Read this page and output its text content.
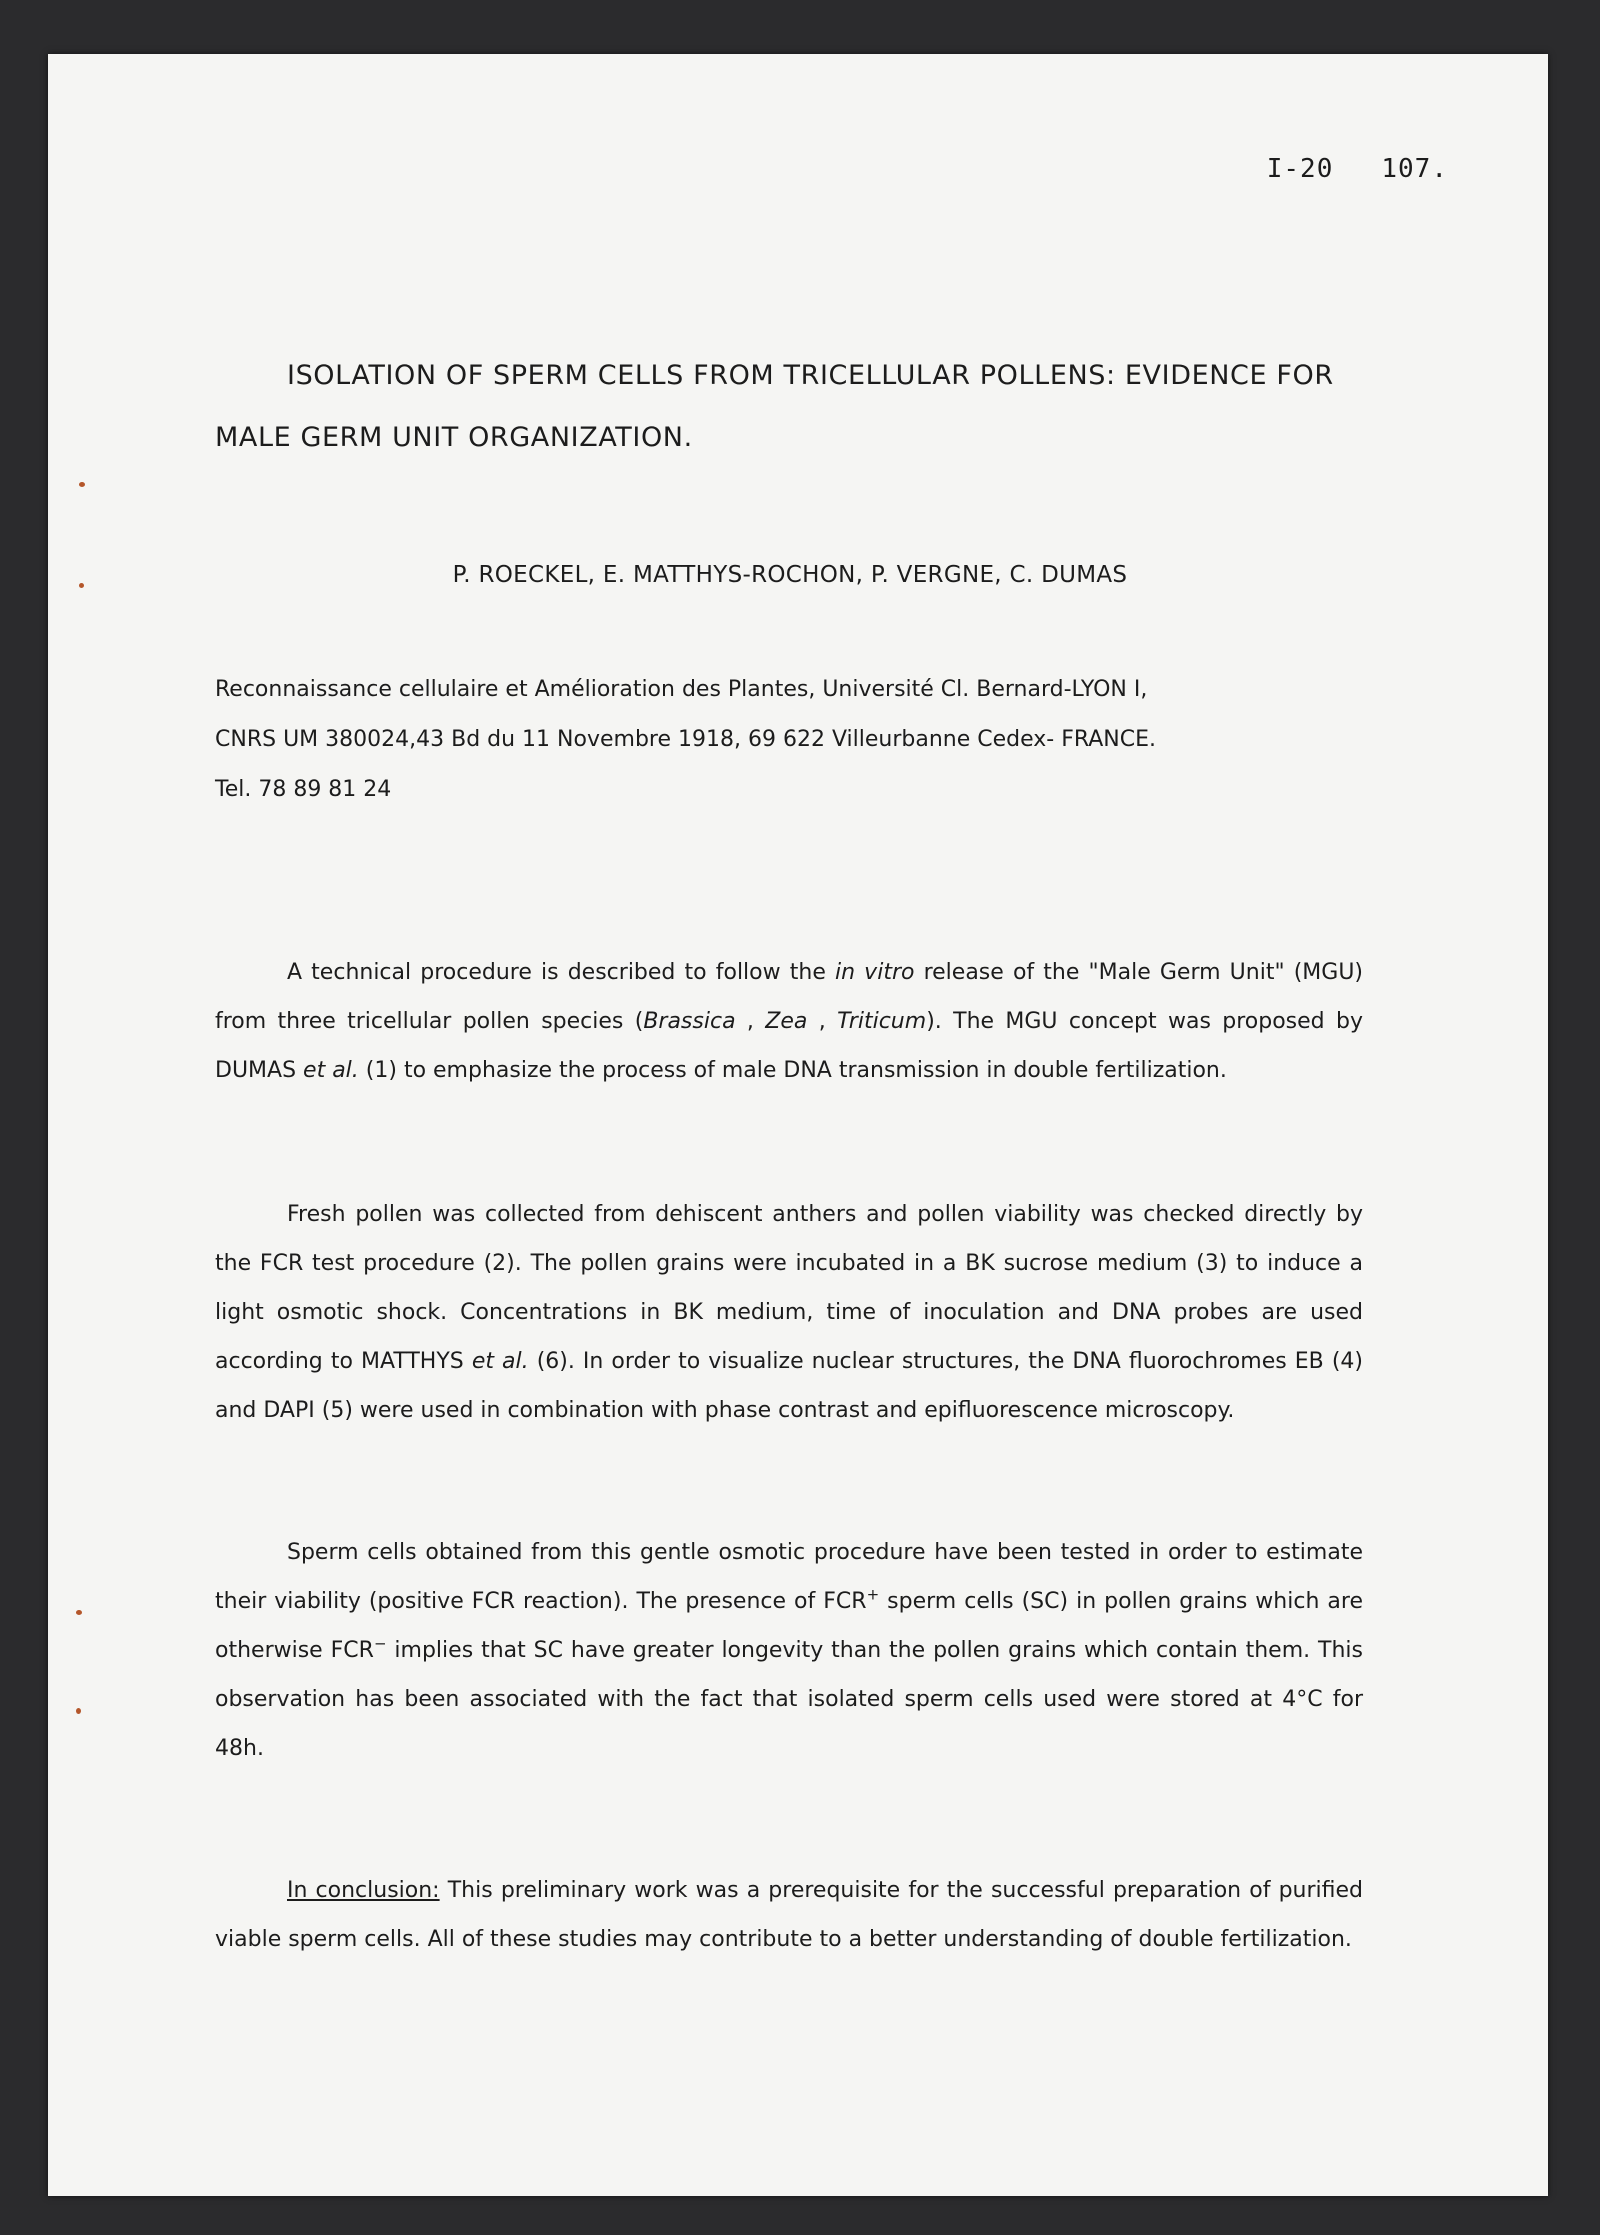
I-20 107.
ISOLATION OF SPERM CELLS FROM TRICELLULAR POLLENS: EVIDENCE FOR MALE GERM UNIT ORGANIZATION.
P. ROECKEL, E. MATTHYS-ROCHON, P. VERGNE, C. DUMAS
Reconnaissance cellulaire et Amélioration des Plantes, Université Cl. Bernard-LYON I,
CNRS UM 380024,43 Bd du 11 Novembre 1918, 69 622 Villeurbanne Cedex- FRANCE.
Tel. 78 89 81 24

A technical procedure is described to follow the in vitro release of the "Male Germ Unit" (MGU) from three tricellular pollen species (Brassica , Zea , Triticum). The MGU concept was proposed by DUMAS et al. (1) to emphasize the process of male DNA transmission in double fertilization.

Fresh pollen was collected from dehiscent anthers and pollen viability was checked directly by the FCR test procedure (2). The pollen grains were incubated in a BK sucrose medium (3) to induce a light osmotic shock. Concentrations in BK medium, time of inoculation and DNA probes are used according to MATTHYS et al. (6). In order to visualize nuclear structures, the DNA fluorochromes EB (4) and DAPI (5) were used in combination with phase contrast and epifluorescence microscopy.

Sperm cells obtained from this gentle osmotic procedure have been tested in order to estimate their viability (positive FCR reaction). The presence of FCR+ sperm cells (SC) in pollen grains which are otherwise FCR− implies that SC have greater longevity than the pollen grains which contain them. This observation has been associated with the fact that isolated sperm cells used were stored at 4°C for 48h.

In conclusion: This preliminary work was a prerequisite for the successful preparation of purified viable sperm cells. All of these studies may contribute to a better understanding of double fertilization.
